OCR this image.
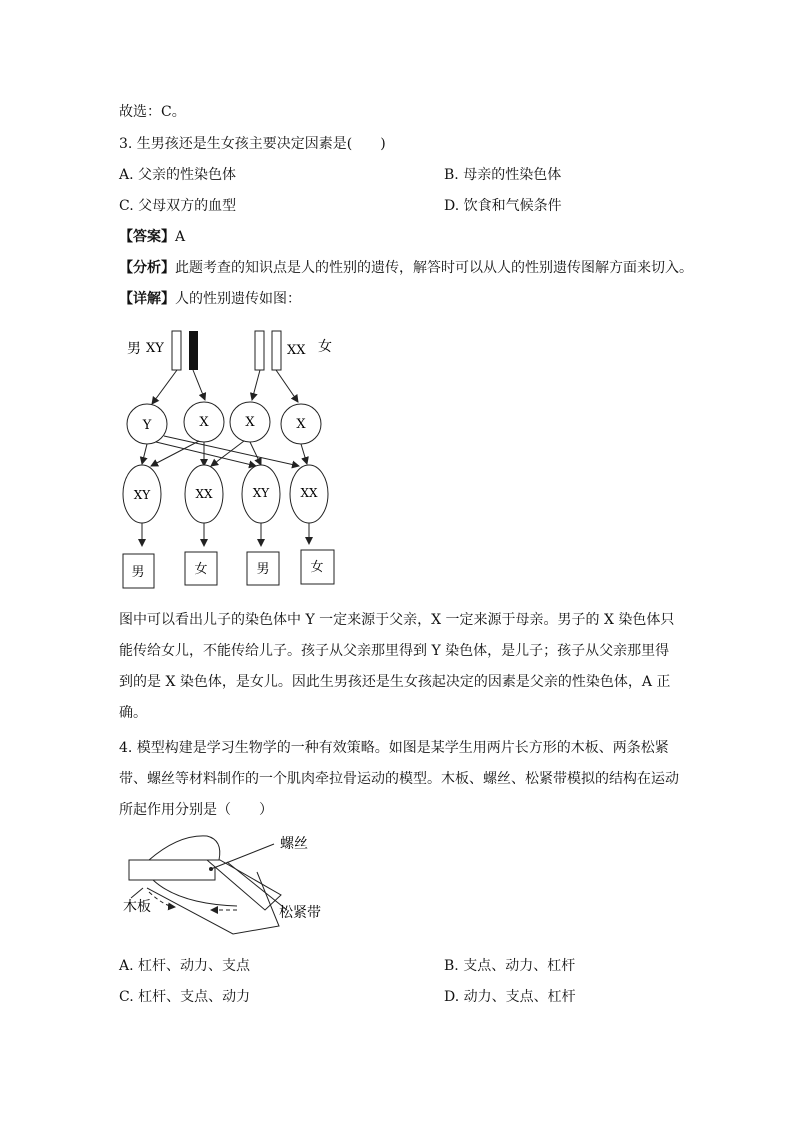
故选：C。
3. 生男孩还是生女孩主要决定因素是(　　)
A. 父亲的性染色体	B. 母亲的性染色体
C. 父母双方的血型	D. 饮食和气候条件
【答案】A
【分析】此题考查的知识点是人的性别的遗传，解答时可以从人的性别遗传图解方面来切入。
【详解】人的性别遗传如图：
男 XY	XX 女
Y	X	X	X
XY	XX	XY	XX
男	女	男	女
图中可以看出儿子的染色体中 Y 一定来源于父亲，X 一定来源于母亲。男子的 X 染色体只能传给女儿，不能传给儿子。孩子从父亲那里得到 Y 染色体，是儿子；孩子从父亲那里得到的是 X 染色体，是女儿。因此生男孩还是生女孩起决定的因素是父亲的性染色体，A 正确。
4. 模型构建是学习生物学的一种有效策略。如图是某学生用两片长方形的木板、两条松紧带、螺丝等材料制作的一个肌肉牵拉骨运动的模型。木板、螺丝、松紧带模拟的结构在运动所起作用分别是（　　）
螺丝
木板	松紧带
A. 杠杆、动力、支点	B. 支点、动力、杠杆
C. 杠杆、支点、动力	D. 动力、支点、杠杆
